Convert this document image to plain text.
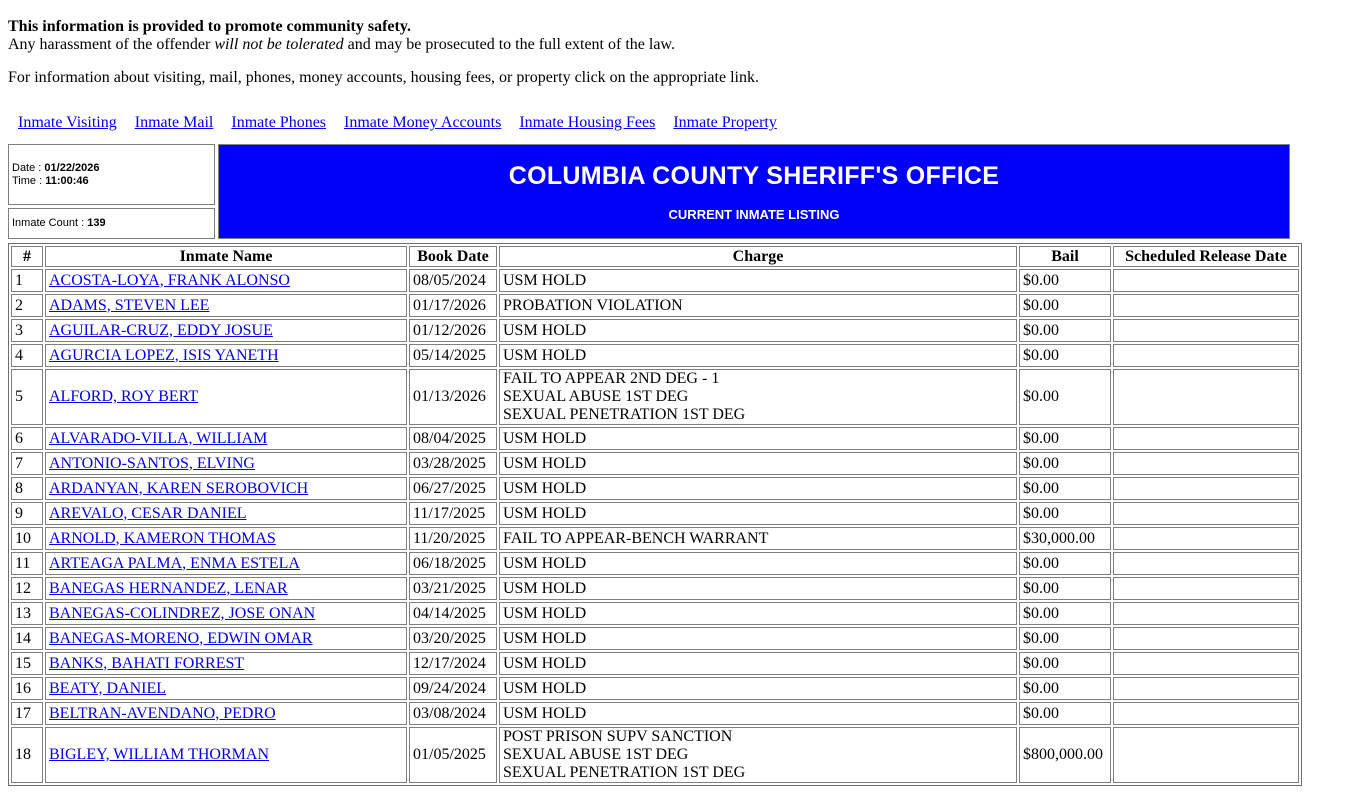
This information is provided to promote community safety.
Any harassment of the offender will not be tolerated and may be prosecuted to the full extent of the law.

For information about visiting, mail, phones, money accounts, housing fees, or property click on the appropriate link.

Inmate Visiting Inmate Mail Inmate Phones Inmate Money Accounts Inmate Housing Fees Inmate Property
Date : 01/22/2026
Time : 11:00:46
Inmate Count : 139
COLUMBIA COUNTY SHERIFF'S OFFICE
CURRENT INMATE LISTING
#	Inmate Name	Book Date	Charge	Bail	Scheduled Release Date
1	ACOSTA-LOYA, FRANK ALONSO	08/05/2024	USM HOLD	$0.00	
2	ADAMS, STEVEN LEE	01/17/2026	PROBATION VIOLATION	$0.00	
3	AGUILAR-CRUZ, EDDY JOSUE	01/12/2026	USM HOLD	$0.00	
4	AGURCIA LOPEZ, ISIS YANETH	05/14/2025	USM HOLD	$0.00	
5	ALFORD, ROY BERT	01/13/2026	FAIL TO APPEAR 2ND DEG - 1
SEXUAL ABUSE 1ST DEG
SEXUAL PENETRATION 1ST DEG	$0.00	
6	ALVARADO-VILLA, WILLIAM	08/04/2025	USM HOLD	$0.00	
7	ANTONIO-SANTOS, ELVING	03/28/2025	USM HOLD	$0.00	
8	ARDANYAN, KAREN SEROBOVICH	06/27/2025	USM HOLD	$0.00	
9	AREVALO, CESAR DANIEL	11/17/2025	USM HOLD	$0.00	
10	ARNOLD, KAMERON THOMAS	11/20/2025	FAIL TO APPEAR-BENCH WARRANT	$30,000.00	
11	ARTEAGA PALMA, ENMA ESTELA	06/18/2025	USM HOLD	$0.00	
12	BANEGAS HERNANDEZ, LENAR	03/21/2025	USM HOLD	$0.00	
13	BANEGAS-COLINDREZ, JOSE ONAN	04/14/2025	USM HOLD	$0.00	
14	BANEGAS-MORENO, EDWIN OMAR	03/20/2025	USM HOLD	$0.00	
15	BANKS, BAHATI FORREST	12/17/2024	USM HOLD	$0.00	
16	BEATY, DANIEL	09/24/2024	USM HOLD	$0.00	
17	BELTRAN-AVENDANO, PEDRO	03/08/2024	USM HOLD	$0.00	
18	BIGLEY, WILLIAM THORMAN	01/05/2025	POST PRISON SUPV SANCTION
SEXUAL ABUSE 1ST DEG
SEXUAL PENETRATION 1ST DEG	$800,000.00	
